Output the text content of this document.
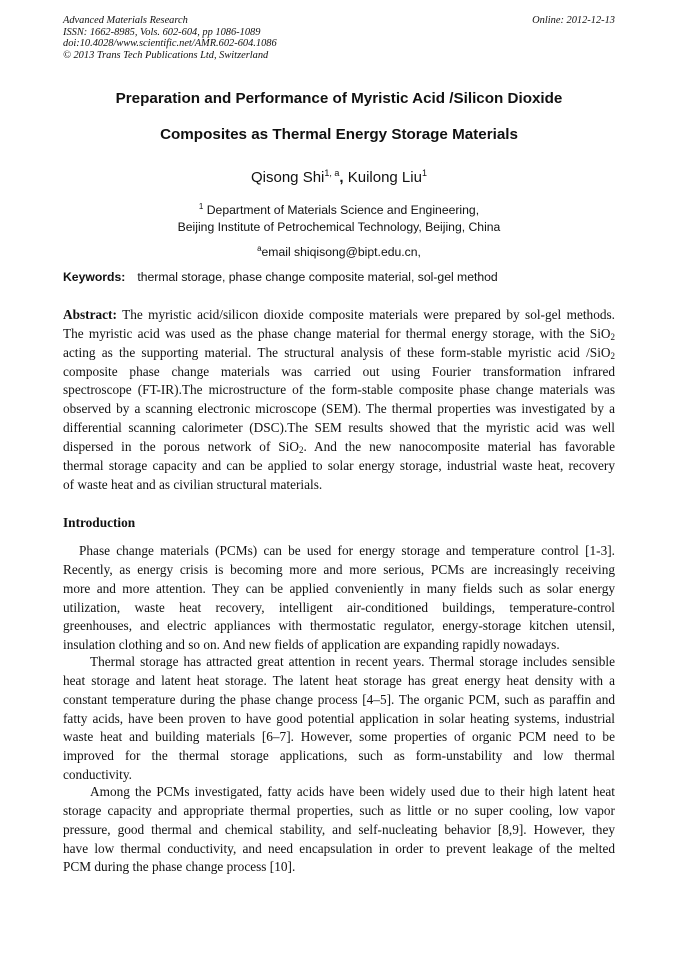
Advanced Materials Research
ISSN: 1662-8985, Vols. 602-604, pp 1086-1089
doi:10.4028/www.scientific.net/AMR.602-604.1086
© 2013 Trans Tech Publications Ltd, Switzerland
Online: 2012-12-13
Preparation and Performance of Myristic Acid /Silicon Dioxide
Composites as Thermal Energy Storage Materials
Qisong Shi$^{1, a}$, Kuilong Liu$^1$
$^1$ Department of Materials Science and Engineering,
Beijing Institute of Petrochemical Technology, Beijing, China
$^a$email shiqisong@bipt.edu.cn,
Keywords: thermal storage, phase change composite material, sol-gel method
Abstract: The myristic acid/silicon dioxide composite materials were prepared by sol-gel methods.
The myristic acid was used as the phase change material for thermal energy storage, with the SiO$_2$
acting as the supporting material. The structural analysis of these form-stable myristic acid /SiO$_2$
composite phase change materials was carried out using Fourier transformation infrared
spectroscope (FT-IR).The microstructure of the form-stable composite phase change materials was
observed by a scanning electronic microscope (SEM). The thermal properties was investigated by a
differential scanning calorimeter (DSC).The SEM results showed that the myristic acid was well
dispersed in the porous network of SiO$_2$. And the new nanocomposite material has favorable
thermal storage capacity and can be applied to solar energy storage, industrial waste heat, recovery
of waste heat and as civilian structural materials.
Introduction
Phase change materials (PCMs) can be used for energy storage and temperature control [1-3].
Recently, as energy crisis is becoming more and more serious, PCMs are increasingly receiving
more and more attention. They can be applied conveniently in many fields such as solar energy
utilization, waste heat recovery, intelligent air-conditioned buildings, temperature-control
greenhouses, and electric appliances with thermostatic regulator, energy-storage kitchen utensil,
insulation clothing and so on. And new fields of application are expanding rapidly nowadays.
Thermal storage has attracted great attention in recent years. Thermal storage includes sensible
heat storage and latent heat storage. The latent heat storage has great energy heat density with a
constant temperature during the phase change process [4–5]. The organic PCM, such as paraffin and
fatty acids, have been proven to have good potential application in solar heating systems, industrial
waste heat and building materials [6–7]. However, some properties of organic PCM need to be
improved for the thermal storage applications, such as form-unstability and low thermal
conductivity.
Among the PCMs investigated, fatty acids have been widely used due to their high latent heat
storage capacity and appropriate thermal properties, such as little or no super cooling, low vapor
pressure, good thermal and chemical stability, and self-nucleating behavior [8,9]. However, they
have low thermal conductivity, and need encapsulation in order to prevent leakage of the melted
PCM during the phase change process [10].
